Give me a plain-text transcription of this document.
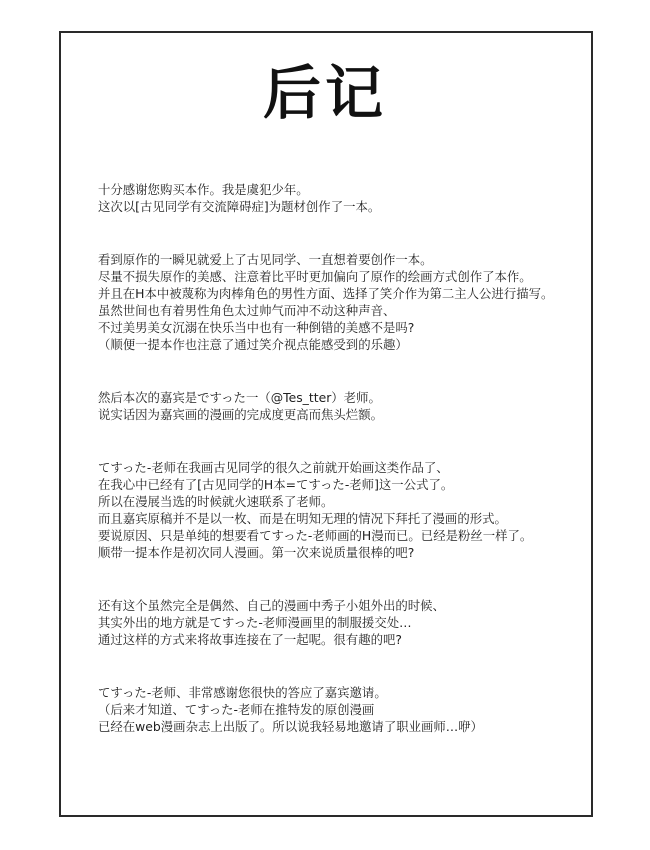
后记
十分感谢您购买本作。我是虞犯少年。
这次以[古见同学有交流障碍症]为题材创作了一本。
看到原作的一瞬见就爱上了古见同学、一直想着要创作一本。
尽量不损失原作的美感、注意着比平时更加偏向了原作的绘画方式创作了本作。
并且在H本中被蔑称为肉棒角色的男性方面、选择了笑介作为第二主人公进行描写。
虽然世间也有着男性角色太过帅气而冲不动这种声音、
不过美男美女沉溺在快乐当中也有一种倒错的美感不是吗?
（顺便一提本作也注意了通过笑介视点能感受到的乐趣）
然后本次的嘉宾是ですった一（@Tes_tter）老师。
说实话因为嘉宾画的漫画的完成度更高而焦头烂额。
てすった-老师在我画古见同学的很久之前就开始画这类作品了、
在我心中已经有了[古见同学的H本=てすった-老师]这一公式了。
所以在漫展当选的时候就火速联系了老师。
而且嘉宾原稿并不是以一枚、而是在明知无理的情况下拜托了漫画的形式。
要说原因、只是单纯的想要看てすった-老师画的H漫而已。已经是粉丝一样了。
顺带一提本作是初次同人漫画。第一次来说质量很棒的吧?
还有这个虽然完全是偶然、自己的漫画中秀子小姐外出的时候、
其实外出的地方就是てすった-老师漫画里的制服援交处…
通过这样的方式来将故事连接在了一起呢。很有趣的吧?
てすった-老师、非常感谢您很快的答应了嘉宾邀请。
（后来才知道、てすった-老师在推特发的原创漫画
已经在web漫画杂志上出版了。所以说我轻易地邀请了职业画师…咿）
